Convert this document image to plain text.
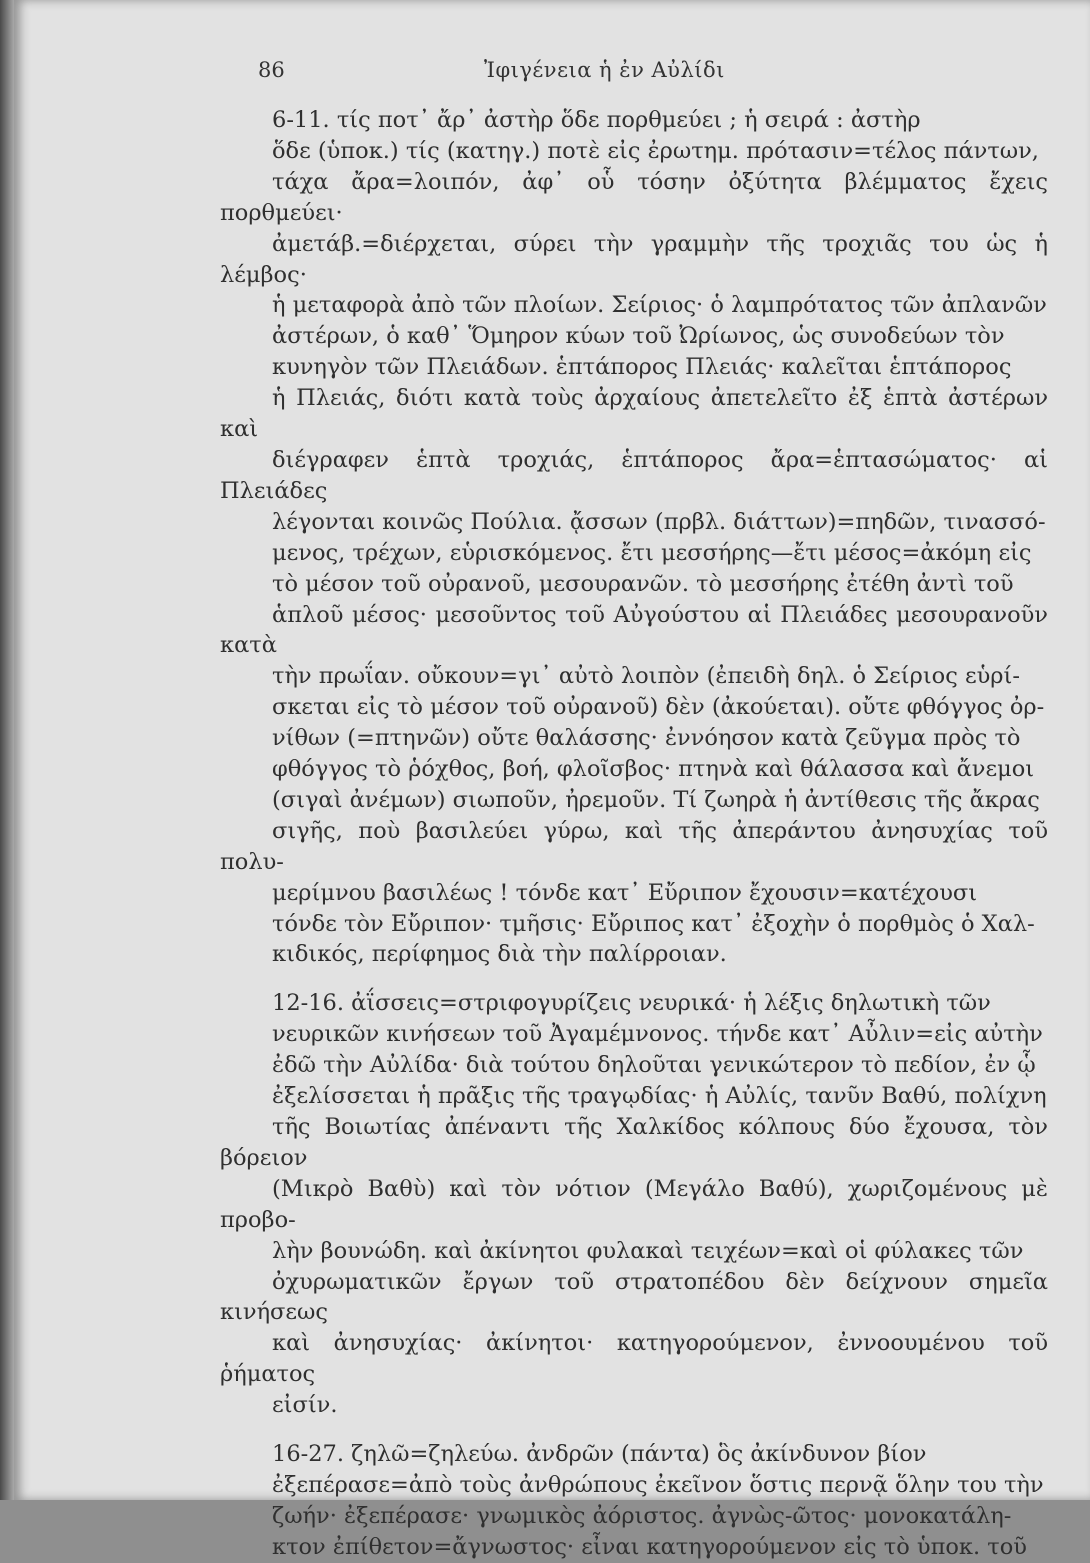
86	Ἰφιγένεια ἡ ἐν Αὐλίδι

6-11. τίς ποτ᾽ ἄρ᾽ ἀστὴρ ὅδε πορθμεύει ; ἡ σειρά : ἀστὴρ
ὅδε (ὑποκ.) τίς (κατηγ.) ποτὲ εἰς ἐρωτημ. πρότασιν=τέλος πάντων,
τάχα ἄρα=λοιπόν, ἀφ᾽ οὗ τόσην ὀξύτητα βλέμματος ἔχεις πορθμεύει·
ἀμετάβ.=διέρχεται, σύρει τὴν γραμμὴν τῆς τροχιᾶς του ὡς ἡ λέμβος·
ἡ μεταφορὰ ἀπὸ τῶν πλοίων. Σείριος· ὁ λαμπρότατος τῶν ἀπλανῶν
ἀστέρων, ὁ καθ᾽ Ὅμηρον κύων τοῦ Ὠρίωνος, ὡς συνοδεύων τὸν
κυνηγὸν τῶν Πλειάδων. ἑπτάπορος Πλειάς· καλεῖται ἑπτάπορος
ἡ Πλειάς, διότι κατὰ τοὺς ἀρχαίους ἀπετελεῖτο ἐξ ἑπτὰ ἀστέρων καὶ
διέγραφεν ἑπτὰ τροχιάς, ἑπτάπορος ἄρα=ἑπτασώματος· αἱ Πλειάδες
λέγονται κοινῶς Πούλια. ᾄσσων (πρβλ. διάττων)=πηδῶν, τινασσό-
μενος, τρέχων, εὑρισκόμενος. ἔτι μεσσήρης—ἔτι μέσος=ἀκόμη εἰς
τὸ μέσον τοῦ οὐρανοῦ, μεσουρανῶν. τὸ μεσσήρης ἐτέθη ἀντὶ τοῦ
ἁπλοῦ μέσος· μεσοῦντος τοῦ Αὐγούστου αἱ Πλειάδες μεσουρανοῦν κατὰ
τὴν πρωΐαν. οὔκουν=γι᾽ αὐτὸ λοιπὸν (ἐπειδὴ δηλ. ὁ Σείριος εὑρί-
σκεται εἰς τὸ μέσον τοῦ οὐρανοῦ) δὲν (ἀκούεται). οὔτε φθόγγος ὀρ-
νίθων (=πτηνῶν) οὔτε θαλάσσης· ἐννόησον κατὰ ζεῦγμα πρὸς τὸ
φθόγγος τὸ ῥόχθος, βοή, φλοῖσβος· πτηνὰ καὶ θάλασσα καὶ ἄνεμοι
(σιγαὶ ἀνέμων) σιωποῦν, ἠρεμοῦν. Τί ζωηρὰ ἡ ἀντίθεσις τῆς ἄκρας
σιγῆς, ποὺ βασιλεύει γύρω, καὶ τῆς ἀπεράντου ἀνησυχίας τοῦ πολυ-
μερίμνου βασιλέως ! τόνδε κατ᾽ Εὔριπον ἔχουσιν=κατέχουσι
τόνδε τὸν Εὔριπον· τμῆσις· Εὔριπος κατ᾽ ἐξοχὴν ὁ πορθμὸς ὁ Χαλ-
κιδικός, περίφημος διὰ τὴν παλίρροιαν.

12-16. ἀΐσσεις=στριφογυρίζεις νευρικά· ἡ λέξις δηλωτικὴ τῶν
νευρικῶν κινήσεων τοῦ Ἀγαμέμνονος. τήνδε κατ᾽ Αὖλιν=εἰς αὐτὴν
ἐδῶ τὴν Αὐλίδα· διὰ τούτου δηλοῦται γενικώτερον τὸ πεδίον, ἐν ᾧ
ἐξελίσσεται ἡ πρᾶξις τῆς τραγῳδίας· ἡ Αὐλίς, τανῦν Βαθύ, πολίχνη
τῆς Βοιωτίας ἀπέναντι τῆς Χαλκίδος κόλπους δύο ἔχουσα, τὸν βόρειον
(Μικρὸ Βαθὺ) καὶ τὸν νότιον (Μεγάλο Βαθύ), χωριζομένους μὲ προβο-
λὴν βουνώδη. καὶ ἀκίνητοι φυλακαὶ τειχέων=καὶ οἱ φύλακες τῶν
ὀχυρωματικῶν ἔργων τοῦ στρατοπέδου δὲν δείχνουν σημεῖα κινήσεως
καὶ ἀνησυχίας· ἀκίνητοι· κατηγορούμενον, ἐννοουμένου τοῦ ῥήματος
εἰσίν.

16-27. ζηλῶ=ζηλεύω. ἀνδρῶν (πάντα) ὃς ἀκίνδυνον βίον
ἐξεπέρασε=ἀπὸ τοὺς ἀνθρώπους ἐκεῖνον ὅστις περνᾷ ὅλην του τὴν
ζωήν· ἐξεπέρασε· γνωμικὸς ἀόριστος. ἀγνὼς-ῶτος· μονοκατάλη-
κτον ἐπίθετον=ἄγνωστος· εἶναι κατηγορούμενον εἰς τὸ ὑποκ. τοῦ
